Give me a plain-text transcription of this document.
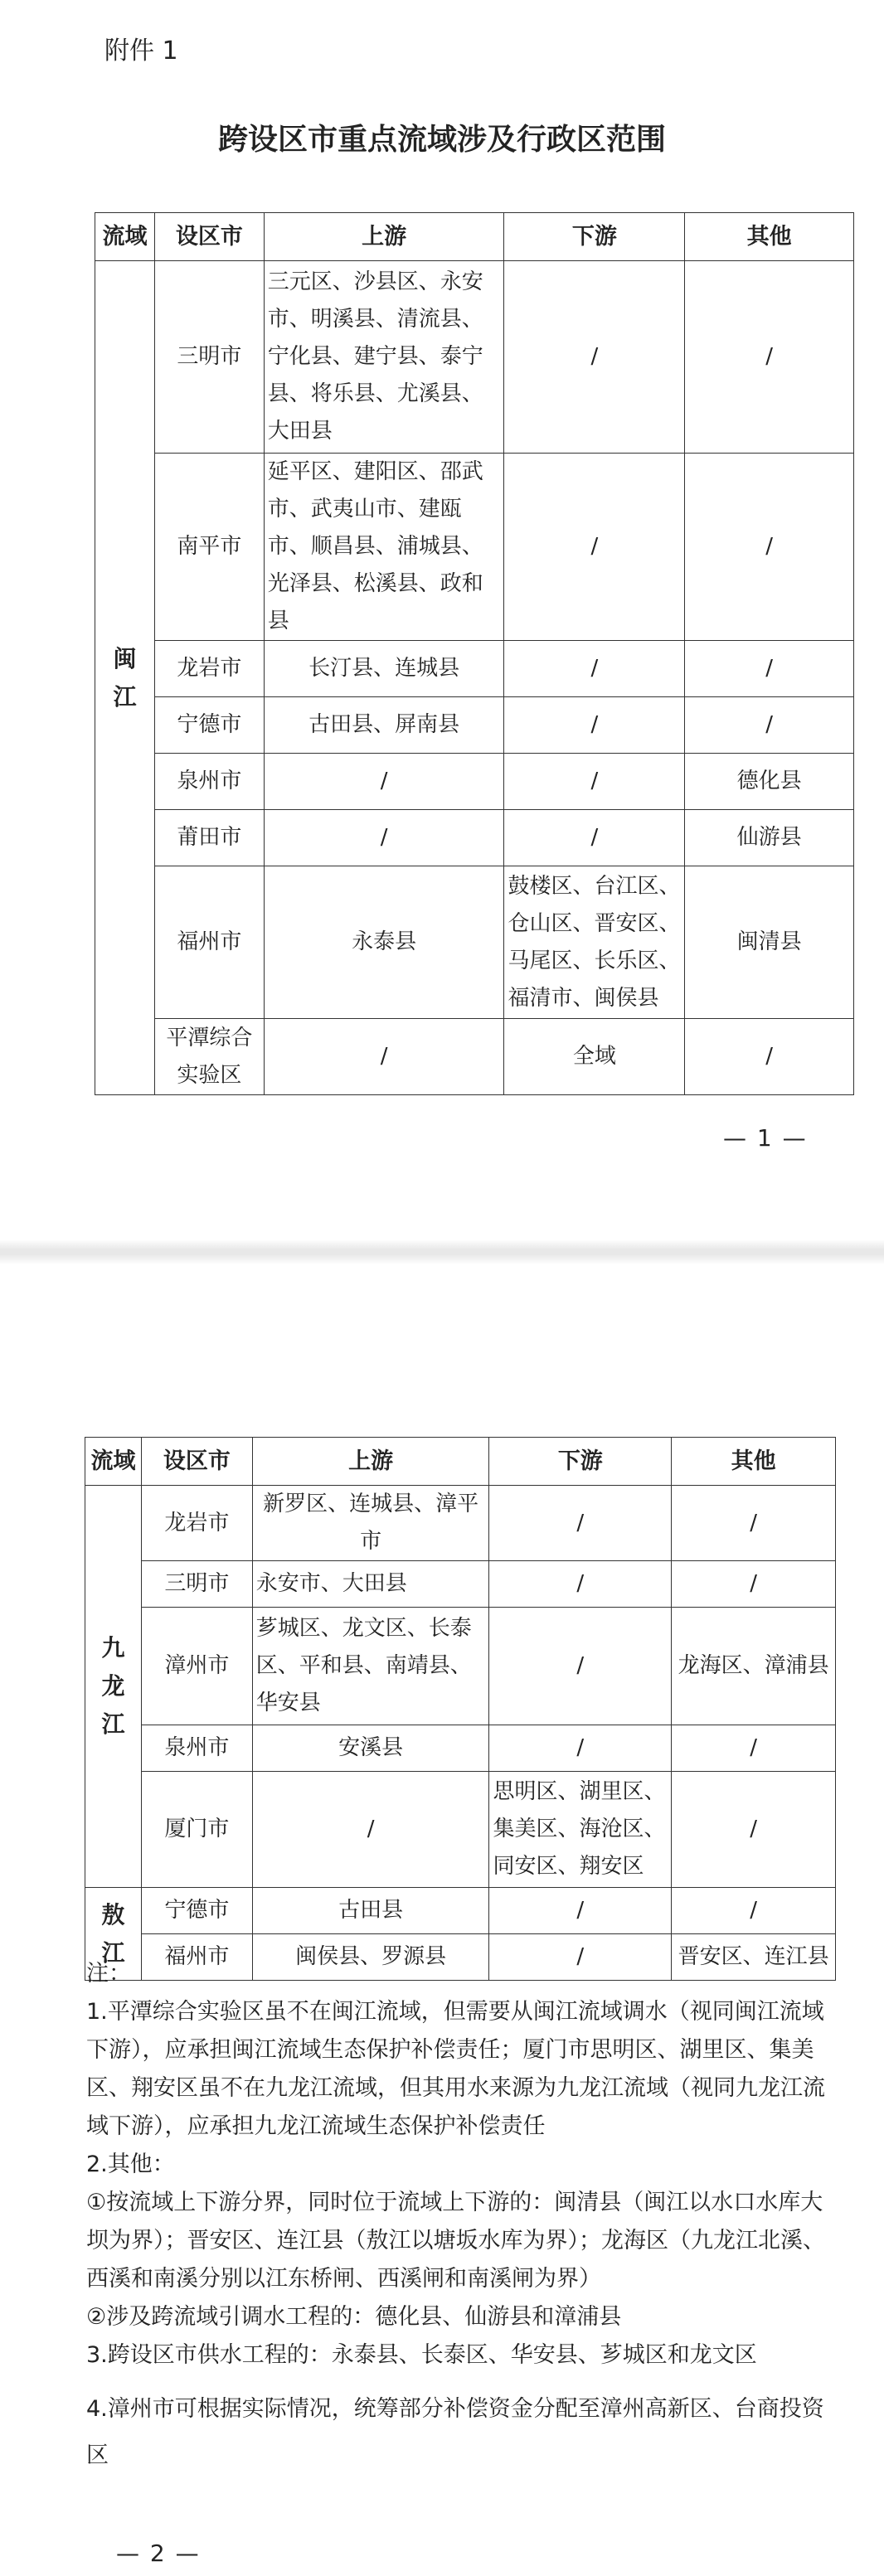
附件 1
跨设区市重点流域涉及行政区范围
流域	设区市	上游	下游	其他

闽江	三明市	三元区、沙县区、永安市、明溪县、清流县、宁化县、建宁县、泰宁县、将乐县、尤溪县、大田县	/	/
	南平市	延平区、建阳区、邵武市、武夷山市、建瓯市、顺昌县、浦城县、光泽县、松溪县、政和县	/	/
	龙岩市	长汀县、连城县	/	/
	宁德市	古田县、屏南县	/	/
	泉州市	/	/	德化县
	莆田市	/	/	仙游县
	福州市	永泰县	鼓楼区、台江区、仓山区、晋安区、马尾区、长乐区、福清市、闽侯县	闽清县
	平潭综合实验区	/	全域	/
— 1 —
流域	设区市	上游	下游	其他

九龙江	龙岩市	新罗区、连城县、漳平市	/	/
	三明市	永安市、大田县	/	/
	漳州市	芗城区、龙文区、长泰区、平和县、南靖县、华安县	/	龙海区、漳浦县
	泉州市	安溪县	/	/
	厦门市	/	思明区、湖里区、集美区、海沧区、同安区、翔安区	/

敖江	宁德市	古田县	/	/
	福州市	闽侯县、罗源县	/	晋安区、连江县

注：

1.平潭综合实验区虽不在闽江流域，但需要从闽江流域调水（视同闽江流域下游），应承担闽江流域生态保护补偿责任；厦门市思明区、湖里区、集美区、翔安区虽不在九龙江流域，但其用水来源为九龙江流域（视同九龙江流域下游），应承担九龙江流域生态保护补偿责任

2.其他：

①按流域上下游分界，同时位于流域上下游的：闽清县（闽江以水口水库大坝为界）；晋安区、连江县（敖江以塘坂水库为界）；龙海区（九龙江北溪、西溪和南溪分别以江东桥闸、西溪闸和南溪闸为界）

②涉及跨流域引调水工程的：德化县、仙游县和漳浦县

3.跨设区市供水工程的：永泰县、长泰区、华安县、芗城区和龙文区

4.漳州市可根据实际情况，统筹部分补偿资金分配至漳州高新区、台商投资区

— 2 —
